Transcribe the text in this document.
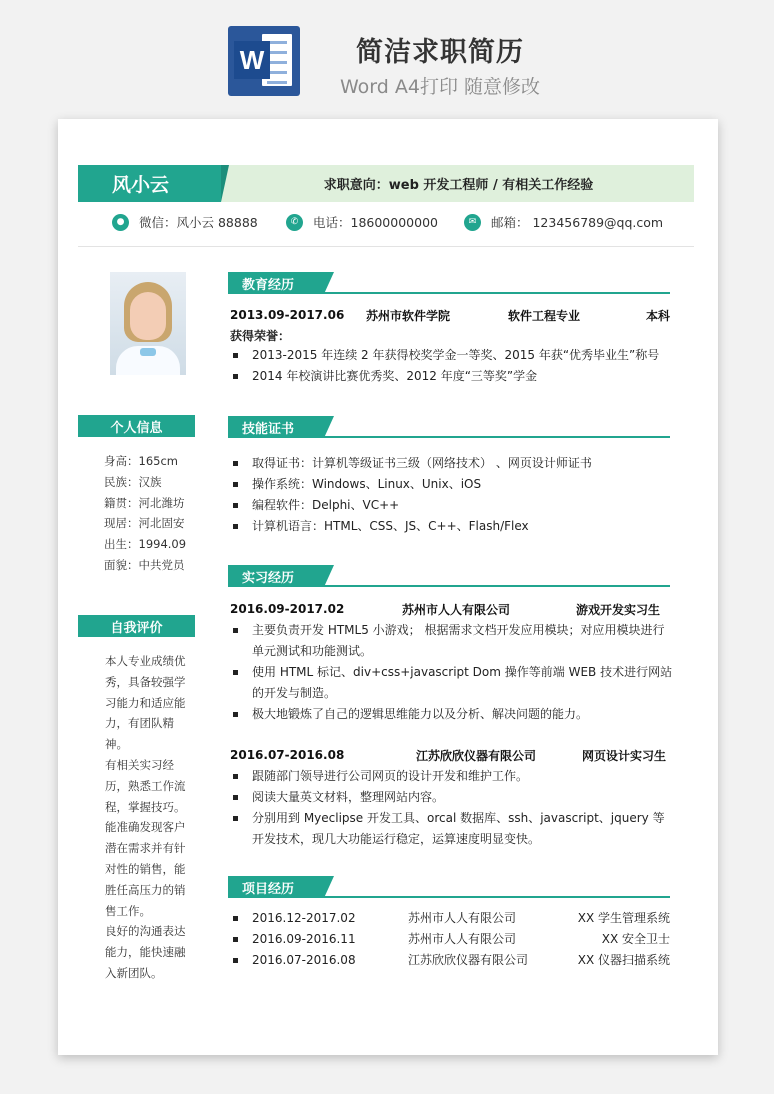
W	简洁求职简历
Word A4打印 随意修改
风小云	求职意向：web 开发工程师 / 有相关工作经验
●	微信：风小云 88888	✆	电话：18600000000	✉	邮箱： 123456789@qq.com
个人信息
身高：165cm
民族：汉族
籍贯：河北潍坊
现居：河北固安
出生：1994.09
面貌：中共党员
自我评价
本人专业成绩优
秀，具备较强学
习能力和适应能
力，有团队精神。
有相关实习经
历，熟悉工作流
程，掌握技巧。
能准确发现客户
潜在需求并有针
对性的销售，能
胜任高压力的销
售工作。
良好的沟通表达
能力，能快速融
入新团队。
教育经历
2013.09-2017.06	苏州市软件学院	软件工程专业	本科
获得荣誉：
2013-2015 年连续 2 年获得校奖学金一等奖、2015 年获“优秀毕业生”称号
2014 年校演讲比赛优秀奖、2012 年度“三等奖”学金
技能证书
取得证书：计算机等级证书三级（网络技术） 、网页设计师证书
操作系统：Windows、Linux、Unix、iOS
编程软件：Delphi、VC++
计算机语言：HTML、CSS、JS、C++、Flash/Flex
实习经历
2016.09-2017.02	苏州市人人有限公司	游戏开发实习生
主要负责开发 HTML5 小游戏； 根据需求文档开发应用模块；对应用模块进行单元测试和功能测试。
使用 HTML 标记、div+css+javascript Dom 操作等前端 WEB 技术进行网站的开发与制造。
极大地锻炼了自己的逻辑思维能力以及分析、解决问题的能力。
2016.07-2016.08	江苏欣欣仪器有限公司	网页设计实习生
跟随部门领导进行公司网页的设计开发和维护工作。
阅读大量英文材料，整理网站内容。
分别用到 Myeclipse 开发工具、orcal 数据库、ssh、javascript、jquery 等开发技术，现几大功能运行稳定，运算速度明显变快。
项目经历
2016.12-2017.02	苏州市人人有限公司	XX 学生管理系统
2016.09-2016.11	苏州市人人有限公司	XX 安全卫士
2016.07-2016.08	江苏欣欣仪器有限公司	XX 仪器扫描系统
